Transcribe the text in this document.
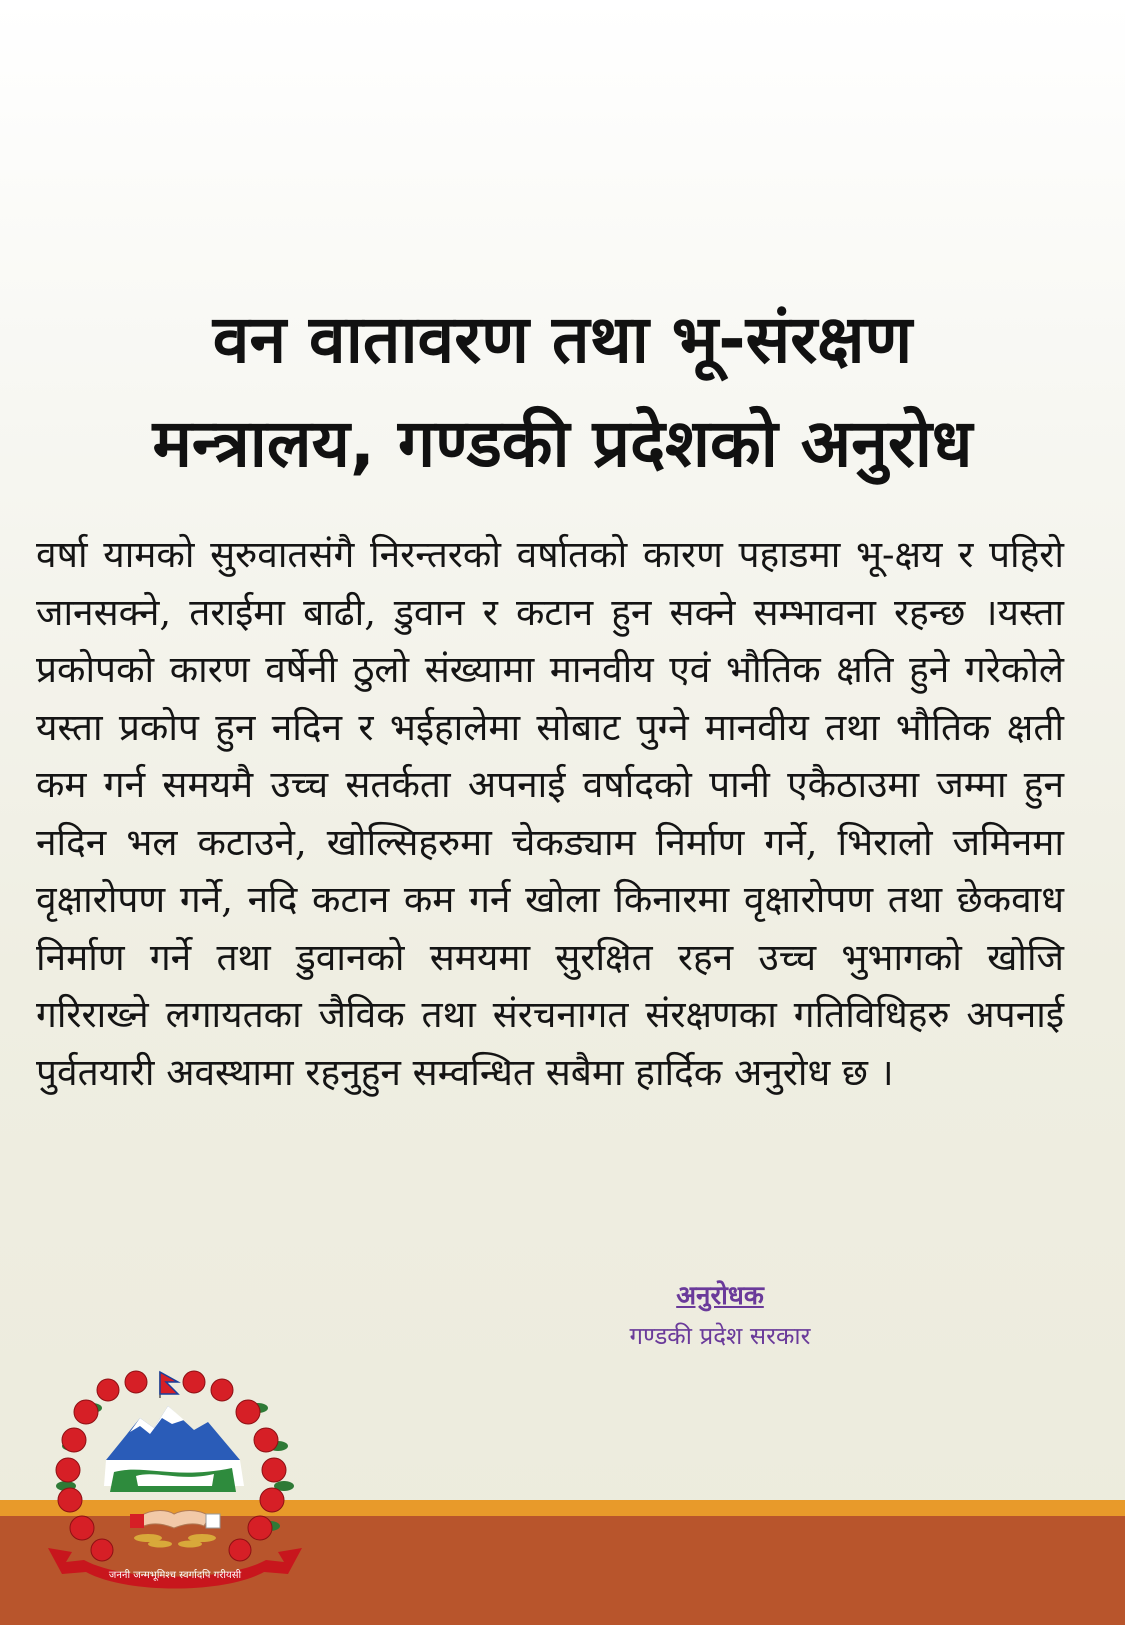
वन वातावरण तथा भू-संरक्षण
मन्त्रालय, गण्डकी प्रदेशको अनुरोध

वर्षा यामको सुरुवातसंगै निरन्तरको वर्षातको कारण पहाडमा भू-क्षय र पहिरो जानसक्ने, तराईमा बाढी, डुवान र कटान हुन सक्ने सम्भावना रहन्छ ।यस्ता प्रकोपको कारण वर्षेनी ठुलो संख्यामा मानवीय एवं भौतिक क्षति हुने गरेकोले यस्ता प्रकोप हुन नदिन र भईहालेमा सोबाट पुग्ने मानवीय तथा भौतिक क्षती कम गर्न समयमै उच्च सतर्कता अपनाई वर्षादको पानी एकैठाउमा जम्मा हुन नदिन भल कटाउने, खोल्सिहरुमा चेकड्याम निर्माण गर्ने, भिरालो जमिनमा वृक्षारोपण गर्ने, नदि कटान कम गर्न खोला किनारमा वृक्षारोपण तथा छेकवाध निर्माण गर्ने तथा डुवानको समयमा सुरक्षित रहन उच्च भुभागको खोजि गरिराख्ने लगायतका जैविक तथा संरचनागत संरक्षणका गतिविधिहरु अपनाई पुर्वतयारी अवस्थामा रहनुहुन सम्वन्धित सबैमा हार्दिक अनुरोध छ ।

अनुरोधक
गण्डकी प्रदेश सरकार
जननी जन्मभूमिश्च स्वर्गादपि गरीयसी
